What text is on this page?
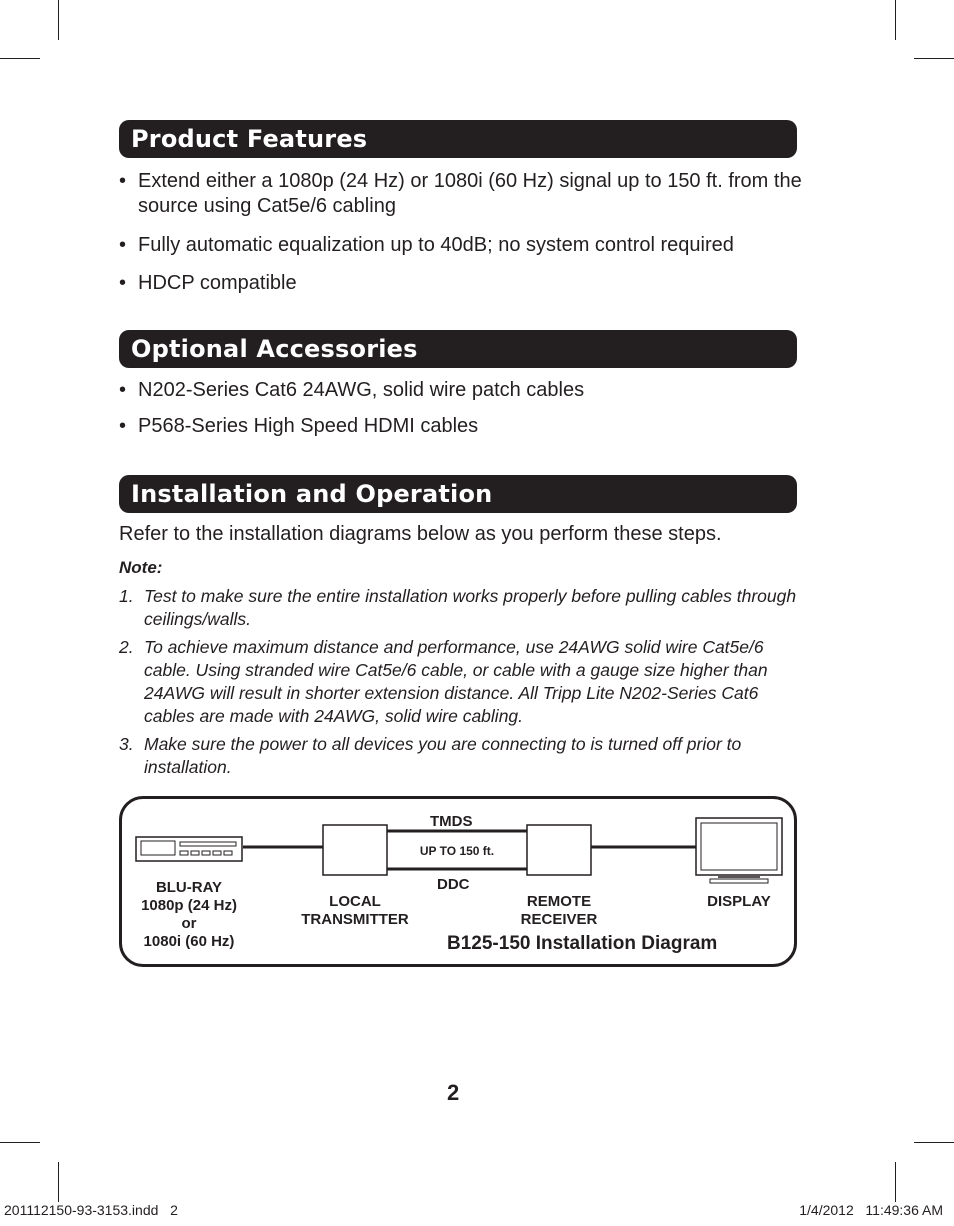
Product Features
• Extend either a 1080p (24 Hz) or 1080i (60 Hz) signal up to 150 ft. from the source using Cat5e/6 cabling
• Fully automatic equalization up to 40dB; no system control required
• HDCP compatible
Optional Accessories
• N202-Series Cat6 24AWG, solid wire patch cables
• P568-Series High Speed HDMI cables
Installation and Operation
Refer to the installation diagrams below as you perform these steps.
Note:
1. Test to make sure the entire installation works properly before pulling cables through ceilings/walls.
2. To achieve maximum distance and performance, use 24AWG solid wire Cat5e/6 cable. Using stranded wire Cat5e/6 cable, or cable with a gauge size higher than 24AWG will result in shorter extension distance. All Tripp Lite N202-Series Cat6 cables are made with 24AWG, solid wire cabling.
3. Make sure the power to all devices you are connecting to is turned off prior to installation.
TMDS
UP TO 150 ft.
DDC
BLU-RAY
1080p (24 Hz)
or
1080i (60 Hz)
LOCAL
TRANSMITTER
REMOTE
RECEIVER
DISPLAY
B125-150 Installation Diagram
2
201112150-93-3153.indd   2	1/4/2012   11:49:36 AM
